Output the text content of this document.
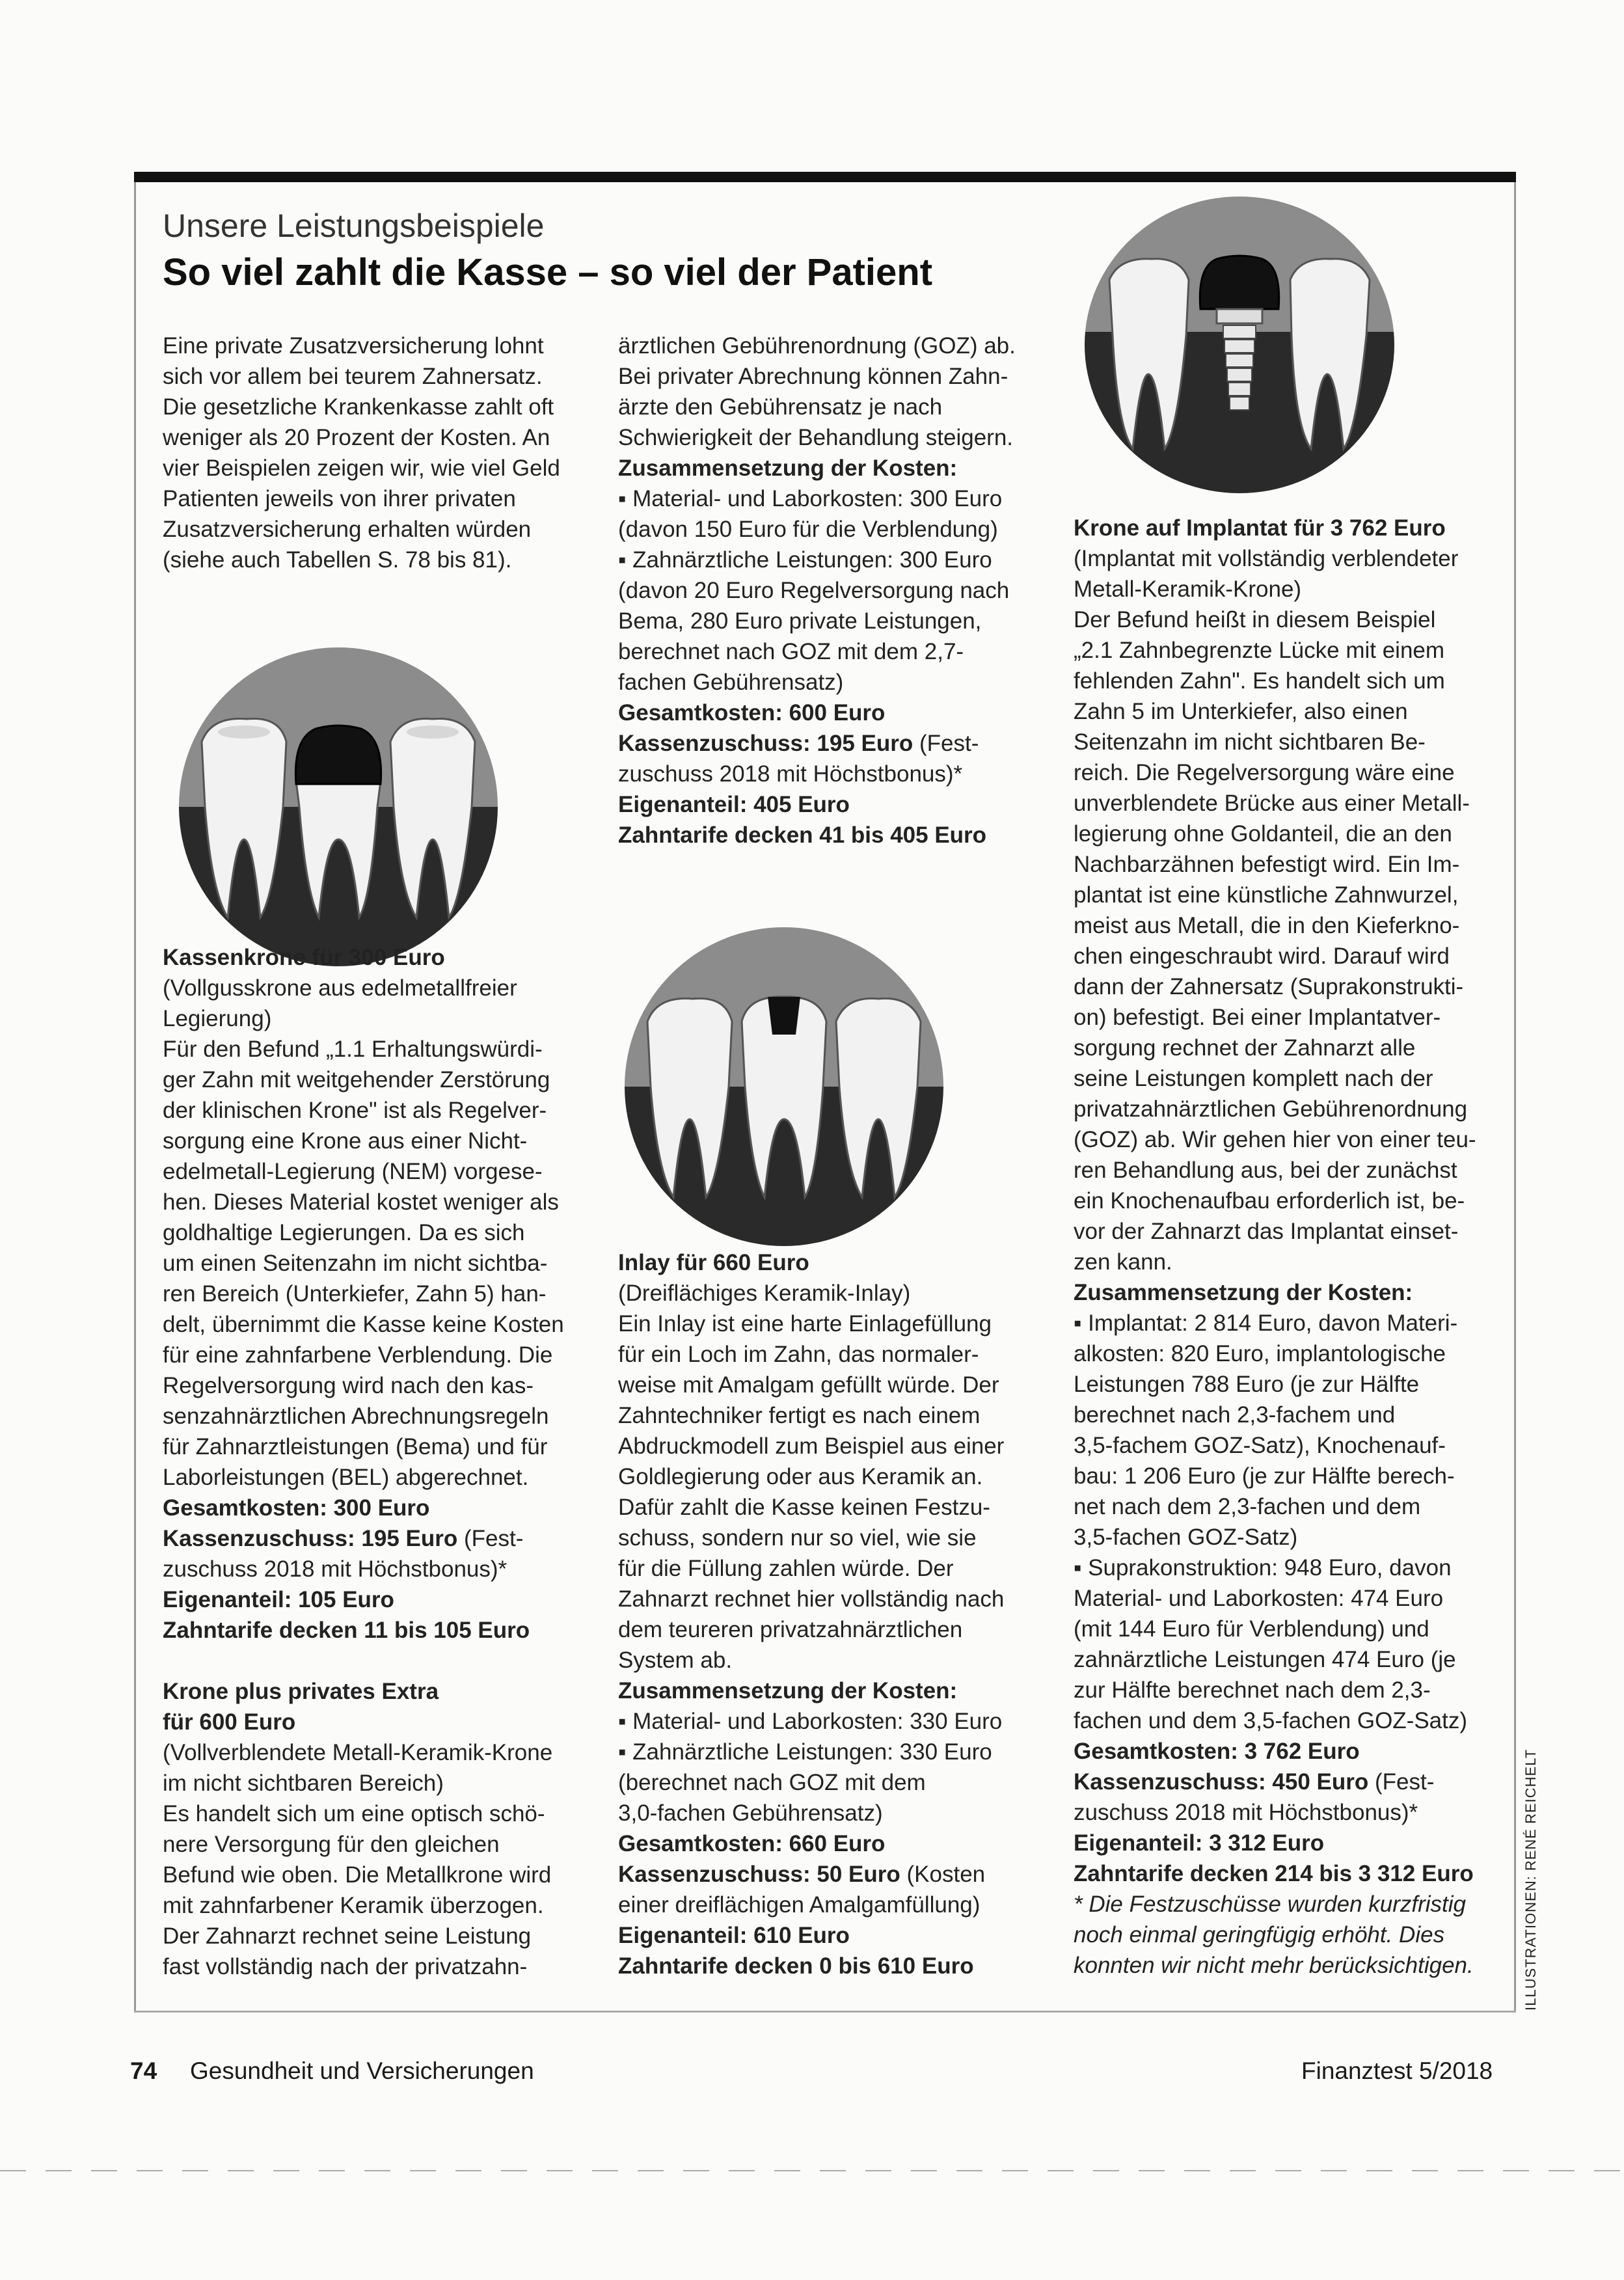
Unsere Leistungsbeispiele
So viel zahlt die Kasse – so viel der Patient

Eine private Zusatzversicherung lohnt

sich vor allem bei teurem Zahnersatz.

Die gesetzliche Krankenkasse zahlt oft

weniger als 20 Prozent der Kosten. An

vier Beispielen zeigen wir, wie viel Geld

Patienten jeweils von ihrer privaten

Zusatzversicherung erhalten würden

(siehe auch Tabellen S. 78 bis 81).

Kassenkrone für 300 Euro

(Vollgusskrone aus edelmetallfreier

Legierung)

Für den Befund „1.1 Erhaltungswürdi-

ger Zahn mit weitgehender Zerstörung

der klinischen Krone" ist als Regelver-

sorgung eine Krone aus einer Nicht-

edelmetall-Legierung (NEM) vorgese-

hen. Dieses Material kostet weniger als

goldhaltige Legierungen. Da es sich

um einen Seitenzahn im nicht sichtba-

ren Bereich (Unterkiefer, Zahn 5) han-

delt, übernimmt die Kasse keine Kosten

für eine zahnfarbene Verblendung. Die

Regelversorgung wird nach den kas-

senzahnärztlichen Abrechnungsregeln

für Zahnarztleistungen (Bema) und für

Laborleistungen (BEL) abgerechnet.

Gesamtkosten: 300 Euro

Kassenzuschuss: 195 Euro (Fest-

zuschuss 2018 mit Höchstbonus)*

Eigenanteil: 105 Euro

Zahntarife decken 11 bis 105 Euro

Krone plus privates Extra

für 600 Euro

(Vollverblendete Metall-Keramik-Krone

im nicht sichtbaren Bereich)

Es handelt sich um eine optisch schö-

nere Versorgung für den gleichen

Befund wie oben. Die Metallkrone wird

mit zahnfarbener Keramik überzogen.

Der Zahnarzt rechnet seine Leistung

fast vollständig nach der privatzahn-

ärztlichen Gebührenordnung (GOZ) ab.

Bei privater Abrechnung können Zahn-

ärzte den Gebührensatz je nach

Schwierigkeit der Behandlung steigern.

Zusammensetzung der Kosten:

▪ Material- und Laborkosten: 300 Euro

(davon 150 Euro für die Verblendung)

▪ Zahnärztliche Leistungen: 300 Euro

(davon 20 Euro Regelversorgung nach

Bema, 280 Euro private Leistungen,

berechnet nach GOZ mit dem 2,7-

fachen Gebührensatz)

Gesamtkosten: 600 Euro

Kassenzuschuss: 195 Euro (Fest-

zuschuss 2018 mit Höchstbonus)*

Eigenanteil: 405 Euro

Zahntarife decken 41 bis 405 Euro

Inlay für 660 Euro

(Dreiflächiges Keramik-Inlay)

Ein Inlay ist eine harte Einlagefüllung

für ein Loch im Zahn, das normaler-

weise mit Amalgam gefüllt würde. Der

Zahntechniker fertigt es nach einem

Abdruckmodell zum Beispiel aus einer

Goldlegierung oder aus Keramik an.

Dafür zahlt die Kasse keinen Festzu-

schuss, sondern nur so viel, wie sie

für die Füllung zahlen würde. Der

Zahnarzt rechnet hier vollständig nach

dem teureren privatzahnärztlichen

System ab.

Zusammensetzung der Kosten:

▪ Material- und Laborkosten: 330 Euro

▪ Zahnärztliche Leistungen: 330 Euro

(berechnet nach GOZ mit dem

3,0-fachen Gebührensatz)

Gesamtkosten: 660 Euro

Kassenzuschuss: 50 Euro (Kosten

einer dreiflächigen Amalgamfüllung)

Eigenanteil: 610 Euro

Zahntarife decken 0 bis 610 Euro

Krone auf Implantat für 3 762 Euro

(Implantat mit vollständig verblendeter

Metall-Keramik-Krone)

Der Befund heißt in diesem Beispiel

„2.1 Zahnbegrenzte Lücke mit einem

fehlenden Zahn". Es handelt sich um

Zahn 5 im Unterkiefer, also einen

Seitenzahn im nicht sichtbaren Be-

reich. Die Regelversorgung wäre eine

unverblendete Brücke aus einer Metall-

legierung ohne Goldanteil, die an den

Nachbarzähnen befestigt wird. Ein Im-

plantat ist eine künstliche Zahnwurzel,

meist aus Metall, die in den Kieferkno-

chen eingeschraubt wird. Darauf wird

dann der Zahnersatz (Suprakonstrukti-

on) befestigt. Bei einer Implantatver-

sorgung rechnet der Zahnarzt alle

seine Leistungen komplett nach der

privatzahnärztlichen Gebührenordnung

(GOZ) ab. Wir gehen hier von einer teu-

ren Behandlung aus, bei der zunächst

ein Knochenaufbau erforderlich ist, be-

vor der Zahnarzt das Implantat einset-

zen kann.

Zusammensetzung der Kosten:

▪ Implantat: 2 814 Euro, davon Materi-

alkosten: 820 Euro, implantologische

Leistungen 788 Euro (je zur Hälfte

berechnet nach 2,3-fachem und

3,5-fachem GOZ-Satz), Knochenauf-

bau: 1 206 Euro (je zur Hälfte berech-

net nach dem 2,3-fachen und dem

3,5-fachen GOZ-Satz)

▪ Suprakonstruktion: 948 Euro, davon

Material- und Laborkosten: 474 Euro

(mit 144 Euro für Verblendung) und

zahnärztliche Leistungen 474 Euro (je

zur Hälfte berechnet nach dem 2,3-

fachen und dem 3,5-fachen GOZ-Satz)

Gesamtkosten: 3 762 Euro

Kassenzuschuss: 450 Euro (Fest-

zuschuss 2018 mit Höchstbonus)*

Eigenanteil: 3 312 Euro

Zahntarife decken 214 bis 3 312 Euro

* Die Festzuschüsse wurden kurzfristig

noch einmal geringfügig erhöht. Dies

konnten wir nicht mehr berücksichtigen.	ILLUSTRATIONEN: RENÉ REICHELT
74 Gesundheit und Versicherungen	Finanztest 5/2018
